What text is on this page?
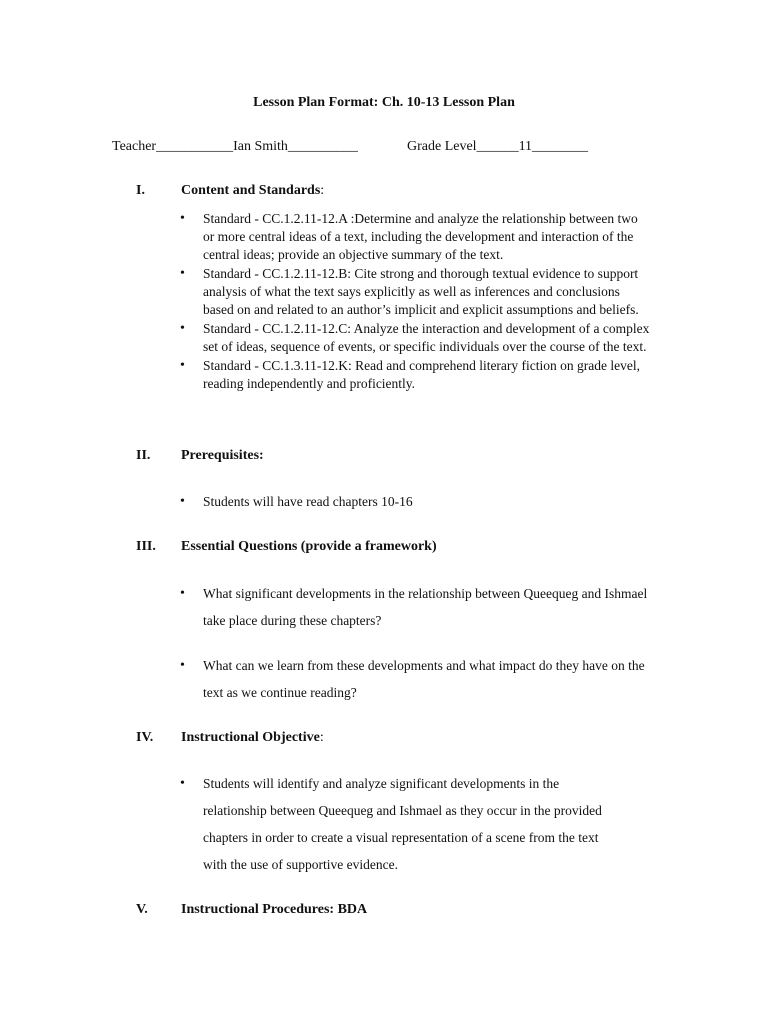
Lesson Plan Format: Ch. 10-13 Lesson Plan
Teacher___________Ian Smith__________	Grade Level______11________
I.	Content and Standards:
• Standard - CC.1.2.11-12.A :Determine and analyze the relationship between two or more central ideas of a text, including the development and interaction of the central ideas; provide an objective summary of the text.
• Standard - CC.1.2.11-12.B: Cite strong and thorough textual evidence to support analysis of what the text says explicitly as well as inferences and conclusions based on and related to an author’s implicit and explicit assumptions and beliefs.
• Standard - CC.1.2.11-12.C: Analyze the interaction and development of a complex set of ideas, sequence of events, or specific individuals over the course of the text.
• Standard - CC.1.3.11-12.K: Read and comprehend literary fiction on grade level, reading independently and proficiently.
II. Prerequisites:
• Students will have read chapters 10-16
III. Essential Questions (provide a framework)
• What significant developments in the relationship between Queequeg and Ishmael take place during these chapters?
• What can we learn from these developments and what impact do they have on the text as we continue reading?
IV. Instructional Objective:
• Students will identify and analyze significant developments in the relationship between Queequeg and Ishmael as they occur in the provided chapters in order to create a visual representation of a scene from the text with the use of supportive evidence.
V. Instructional Procedures: BDA
